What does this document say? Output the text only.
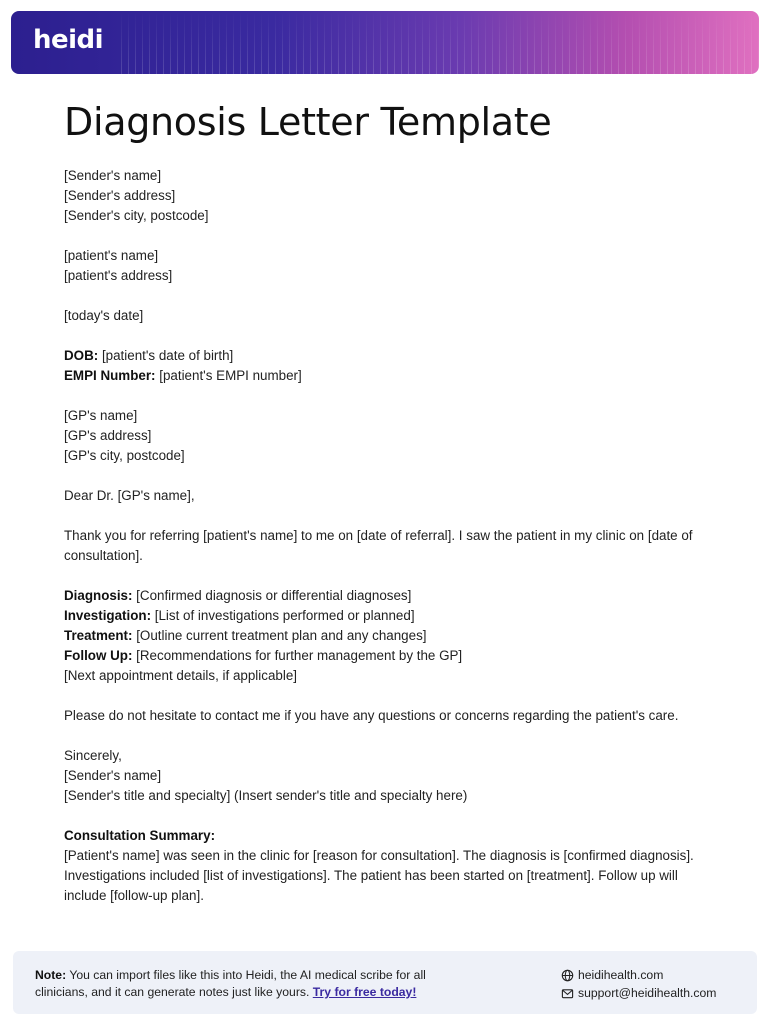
heidi
Diagnosis Letter Template
[Sender's name]
[Sender's address]
[Sender's city, postcode]
[patient's name]
[patient's address]
[today's date]
DOB: [patient's date of birth]
EMPI Number: [patient's EMPI number]
[GP's name]
[GP's address]
[GP's city, postcode]
Dear Dr. [GP's name],
Thank you for referring [patient's name] to me on [date of referral]. I saw the patient in my clinic on [date of consultation].
Diagnosis: [Confirmed diagnosis or differential diagnoses]
Investigation: [List of investigations performed or planned]
Treatment: [Outline current treatment plan and any changes]
Follow Up: [Recommendations for further management by the GP]
[Next appointment details, if applicable]
Please do not hesitate to contact me if you have any questions or concerns regarding the patient's care.
Sincerely,
[Sender's name]
[Sender's title and specialty] (Insert sender's title and specialty here)
Consultation Summary:
[Patient's name] was seen in the clinic for [reason for consultation]. The diagnosis is [confirmed diagnosis]. Investigations included [list of investigations]. The patient has been started on [treatment]. Follow up will include [follow-up plan].
Note: You can import files like this into Heidi, the AI medical scribe for all clinicians, and it can generate notes just like yours. Try for free today!
heidihealth.com
support@heidihealth.com
